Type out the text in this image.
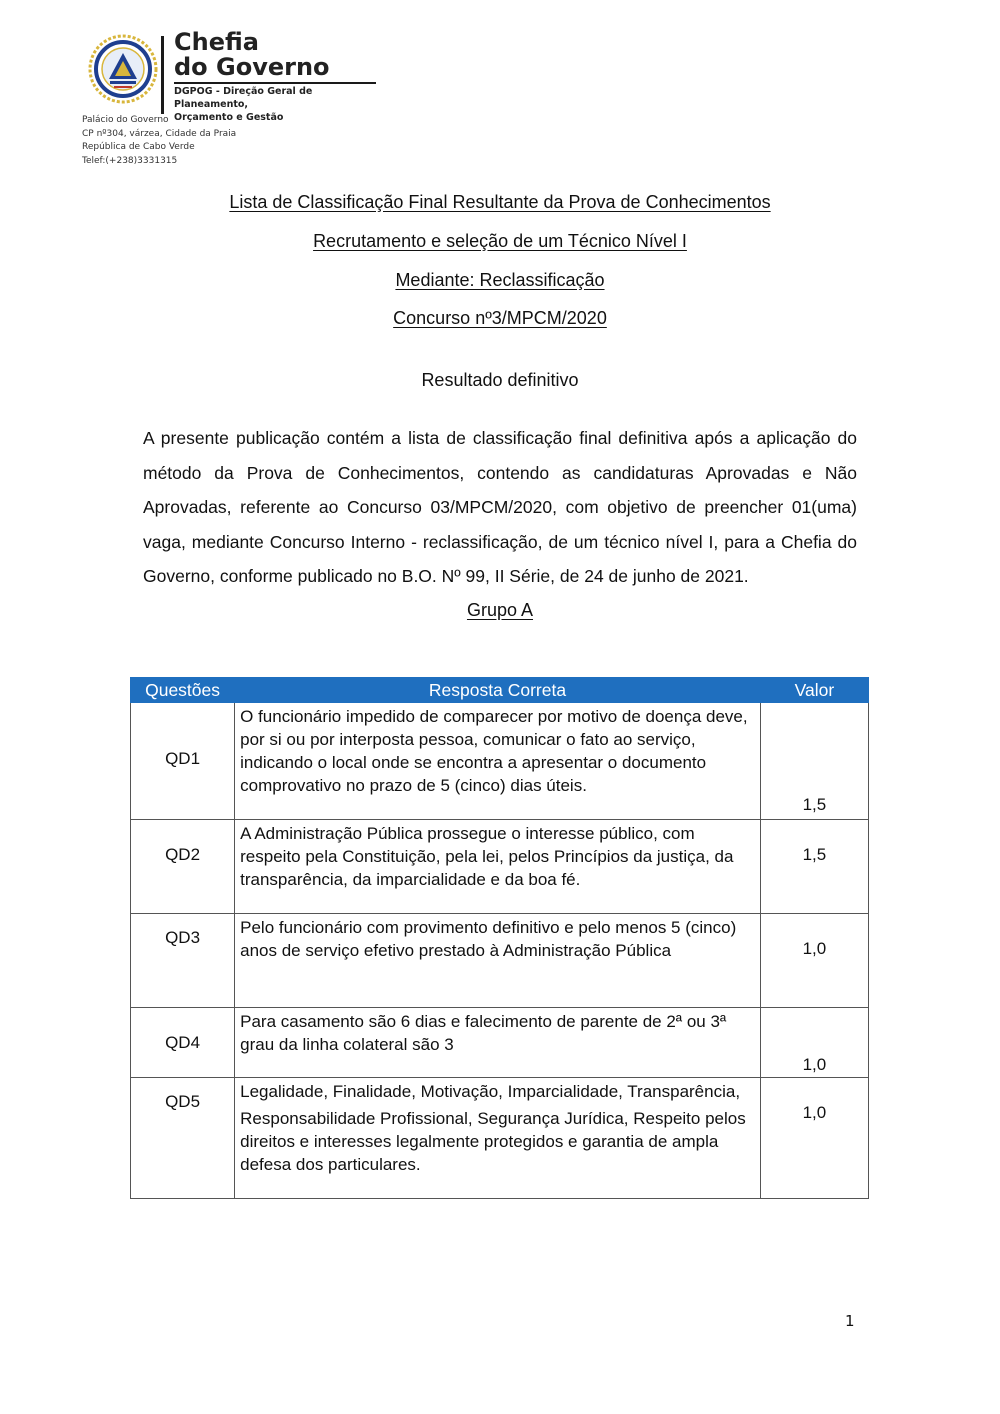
Chefia
do Governo
DGPOG - Direção Geral de Planeamento,
Orçamento e Gestão
Palácio do Governo
CP nº304, várzea, Cidade da Praia
República de Cabo Verde
Telef:(+238)3331315
Lista de Classificação Final Resultante da Prova de Conhecimentos
Recrutamento e seleção de um Técnico Nível I
Mediante: Reclassificação
Concurso nº3/MPCM/2020
Resultado definitivo
A presente publicação contém a lista de classificação final definitiva após a aplicação do método da Prova de Conhecimentos, contendo as candidaturas Aprovadas e Não Aprovadas, referente ao Concurso 03/MPCM/2020, com objetivo de preencher 01(uma) vaga, mediante Concurso Interno - reclassificação, de um técnico nível I, para a Chefia do Governo, conforme publicado no B.O. Nº 99, II Série, de 24 de junho de 2021.
Grupo A
Questões	Resposta Correta	Valor

QD1	O funcionário impedido de comparecer por motivo de doença deve, por si ou por interposta pessoa, comunicar o fato ao serviço, indicando o local onde se encontra a apresentar o documento comprovativo no prazo de 5 (cinco) dias úteis.	1,5

QD2	A Administração Pública prossegue o interesse público, com respeito pela Constituição, pela lei, pelos Princípios da justiça, da transparência, da imparcialidade e da boa fé.	1,5

QD3	Pelo funcionário com provimento definitivo e pelo menos 5 (cinco)
anos de serviço efetivo prestado à Administração Pública	1,0

QD4	Para casamento são 6 dias e falecimento de parente de 2ª ou 3ª grau da linha colateral são 3	1,0

QD5	Legalidade, Finalidade, Motivação, Imparcialidade, Transparência,
Responsabilidade Profissional, Segurança Jurídica, Respeito pelos direitos e interesses legalmente protegidos e garantia de ampla defesa dos particulares.	1,0
1
